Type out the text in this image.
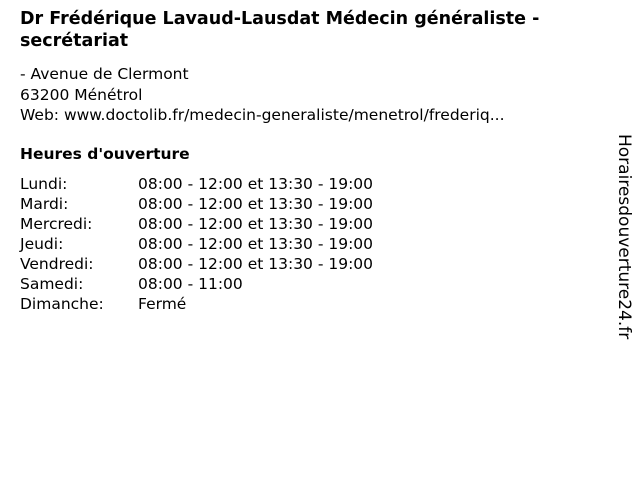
Dr Frédérique Lavaud-Lausdat Médecin généraliste - secrétariat
- Avenue de Clermont
63200 Ménétrol
Web: www.doctolib.fr/medecin-generaliste/menetrol/frederiq...
Heures d'ouverture
Lundi:	08:00 - 12:00 et 13:30 - 19:00
Mardi:	08:00 - 12:00 et 13:30 - 19:00
Mercredi:	08:00 - 12:00 et 13:30 - 19:00
Jeudi:	08:00 - 12:00 et 13:30 - 19:00
Vendredi:	08:00 - 12:00 et 13:30 - 19:00
Samedi:	08:00 - 11:00
Dimanche:	Fermé	Horairesdouverture24.fr
